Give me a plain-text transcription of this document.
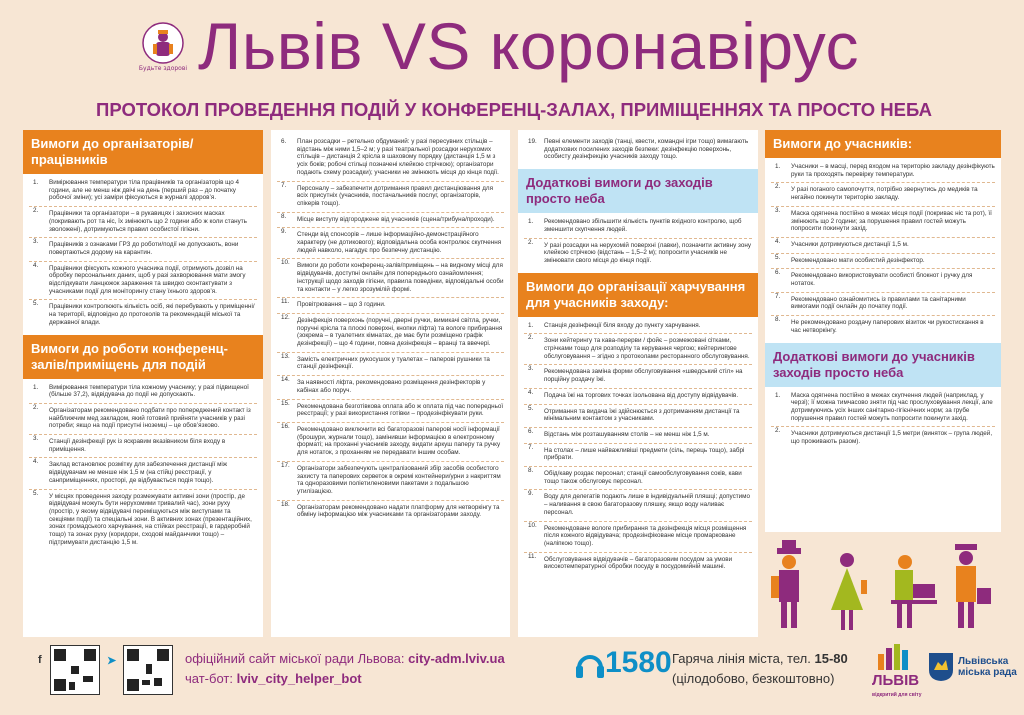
Будьте здорові Львів VS коронавірус
ПРОТОКОЛ ПРОВЕДЕННЯ ПОДІЙ У КОНФЕРЕНЦ-ЗАЛАХ, ПРИМІЩЕННЯХ ТА ПРОСТО НЕБА
Вимоги до організаторів/ працівників
1. Вимірювання температури тіла працівників та організаторів що 4 години, але не менш ніж двічі на день (перший раз – до початку робочої зміни); усі заміри фіксуються в журналі здоров’я.
2. Працівники та організатори – в рукавицях і захисних масках (покривають рот та ніс, їх змінюють що 2 години або ж коли стануть зволожені), дотримуються правил особистої гігієни.
3. Працівників з ознаками ГРЗ до роботи/події не допускають, вони повертаються додому на карантин.
4. Працівники фіксують кожного учасника події, отримують дозвіл на обробку персональних даних, щоб у разі захворювання мати змогу відслідкувати ланцюжок зараження та швидко сконтактувати з учасниками події для моніторингу стану їхнього здоров’я.
5. Працівники контролюють кількість осіб, які перебувають у приміщенні/на території, відповідно до протоколів та рекомендацій міської та державної влади.
Вимоги до роботи конференц-залів/приміщень для подій
1. Вимірювання температури тіла кожному учаснику; у разі підвищеної (більше 37,2), відвідувача до події не допускають.
2. Організаторам рекомендовано подбати про попереджений контакт із найближчим мед закладом, який готовий прийняти учасників у разі потреби; якщо на події присутні іноземці – це обов’язково.
3. Станції дезінфекції рук із яскравим вказівником біля входу в приміщення.
4. Заклад встановлює розмітку для забезпечення дистанції між відвідувачам не менше ніж 1,5 м (на стійці реєстрації, у санприміщеннях, просторі, де відбувається подія тощо).
5. У місцях проведення заходу розмежувати активні зони (простір, де відвідувачі можуть бути нерухомими тривалий час), зони руху (простір, у якому відвідувачі переміщуються між виступами та секціями події) та спеціальні зони. В активних зонах (презентаційних, зонах громадського харчування, на стійках реєстрації, в гардеробній тощо) та зонах руху (коридори, сходові майданчики тощо) – підтримувати дистанцію 1,5 м.
6. План розсадки – ретельно обдуманий: у разі пересувних стільців – відстань між ними 1,5–2 м; у разі театральної розсадки нерухомих стільців – дистанція 2 крісла в шаховому порядку (дистанція 1,5 м з усіх боків; робочі стільці позначені клейкою стрічкою); організатори подають схему розсадки); учасники не змінюють місця до кінця події.
7. Персоналу – забезпечити дотримання правил дистанціювання для всіх присутніх (учасників, постачальників послуг, організаторів, спікерів тощо).
8. Місце виступу відгороджене від учасників (сцена/трибуна/проходи).
9. Стенди від спонсорів – лише інформаційно-демонстраційного характеру (не дотикового); відповідальна особа контролює скупчення людей навколо, нагадує про безпечну дистанцію.
10. Вимоги до роботи конференц-залів/приміщень – на видному місці для відвідувачів, доступні онлайн для попереднього ознайомлення; інструкції щодо заходів гігієни, правила поведінки, відповідальні особи та контакти – у легко зрозумілій формі.
11. Провітрювання – що 3 години.
12. Дезінфекція поверхонь (поручні, дверні ручки, вимикачі світла, ручки, поручні крісла та плоскі поверхні, кнопки ліфта) та вологе прибирання (зокрема – в туалетних кімнатах, де має бути розміщено графік дезінфекції) – що 4 години, повна дезінфекція – вранці та ввечері.
13. Замість електричних рукосушок у туалетах – паперові рушники та станції дезінфекції.
14. За наявності ліфта, рекомендовано розміщення дезінфекторів у кабінах або поруч.
15. Рекомендована безготівкова оплата або ж оплата під час попередньої реєстрації; у разі використання готівки – продезінфікувати руки.
16. Рекомендовано виключити всі багаторазові паперові носії інформації (брошури, журнали тощо), замінивши інформацією в електронному форматі; на проханні учасників заходу, видати аркуш паперу та ручку для нотаток, з проханням не передавати іншим особам.
17. Організатори забезпечують централізований збір засобів особистого захисту та паперових серветок в окремі контейнери/урни з накриттям та одноразовими поліетиленовими пакетами з подальшою утилізацією.
18. Організаторам рекомендовано надати платформу для нетворкінгу та обміну інформацією між учасниками та організаторами заходу.
19. Певні елементи заходів (танці, квести, командні ігри тощо) вимагають додаткових посилених заходів безпеки: дезінфекцію поверхонь, особисту дезінфекцію учасників заходу тощо.
Додаткові вимоги до заходів просто неба
1. Рекомендовано збільшити кількість пунктів вхідного контролю, щоб зменшити скупчення людей.
2. У разі розсадки на нерухомій поверхні (лавки), позначити активну зону клейкою стрічкою (відстань – 1,5–2 м); попросити учасників не змінювати свого місця до кінця події.
Вимоги до організації харчування для учасників заходу:
1. Станція дезінфекції біля входу до пункту харчування.
2. Зони кейтерингу та кава-перерви / фойє – розмежовані сітками, стрічками тощо для розподілу та керування чергою; кейтерингове обслуговування – згідно з протоколами ресторанного обслуговування.
3. Рекомендована заміна форми обслуговування «шведський стіл» на порційну роздачу їжі.
4. Подача їжі на торгових точках ізольована від доступу відвідувачів.
5. Отримання та видача їжі здійснюється з дотриманням дистанції та мінімальним контактом з учасниками.
6. Відстань між розташуванням столів – не менш ніж 1,5 м.
7. На столах – лише найважливіші предмети (сіль, перець тощо), забрі прибрати.
8. Обід/каву роздає персонал; станції самообслуговування соків, кави тощо також обслуговує персонал.
9. Воду для делегатів подають лише в індивідуальній пляшці; допустимо – наливання в свою багаторазову пляшку, якщо воду наливає персонал.
10. Рекомендоване вологе прибирання та дезінфекція місця розміщення після кожного відвідувача; продезінфіковане місце промарковане (наліпкою тощо).
11. Обслуговування відвідувачів – багаторазовим посудом за умови високотемпературної обробки посуду в посудомийній машині.
Вимоги до учасників:
1. Учасники – в масці, перед входом на територію закладу дезінфікують руки та проходять перевірку температури.
2. У разі поганого самопочуття, потрібно звернутись до медиків та негайно покинути територію закладу.
3. Маска одягнена постійно в межах місця події (покриває ніс та рот), її змінюють що 2 години; за порушення правил гостей можуть попросити покинути захід.
4. Учасники дотримуються дистанції 1,5 м.
5. Рекомендовано мати особистий дезінфектор.
6. Рекомендовано використовувати особисті блокнот і ручку для нотаток.
7. Рекомендовано ознайомитись із правилами та санітарними вимогами події онлайн до початку події.
8. Не рекомендовано роздачу паперових візиток чи рукостискання в час нетворкінгу.
Додаткові вимоги до учасників заходів просто неба
1. Маска одягнена постійно в межах скупчення людей (наприклад, у черзі); її можна тимчасово зняти під час прослуховування лекції, але дотримуючись усіх інших санітарно-гігієнічних норм; за грубе порушення правил гостей можуть попросити покинути захід.
2. Учасники дотримуються дистанції 1,5 метри (виняток – група людей, що проживають разом).
f	➤	офіційний сайт міської ради Львова: city-adm.lviv.ua
чат-бот: lviv_city_helper_bot	1580 Гаряча лінія міста, тел. 15-80
(цілодобово, безкоштовно)	ЛЬВІВ
відкритий для світу
Львівська міська рада
